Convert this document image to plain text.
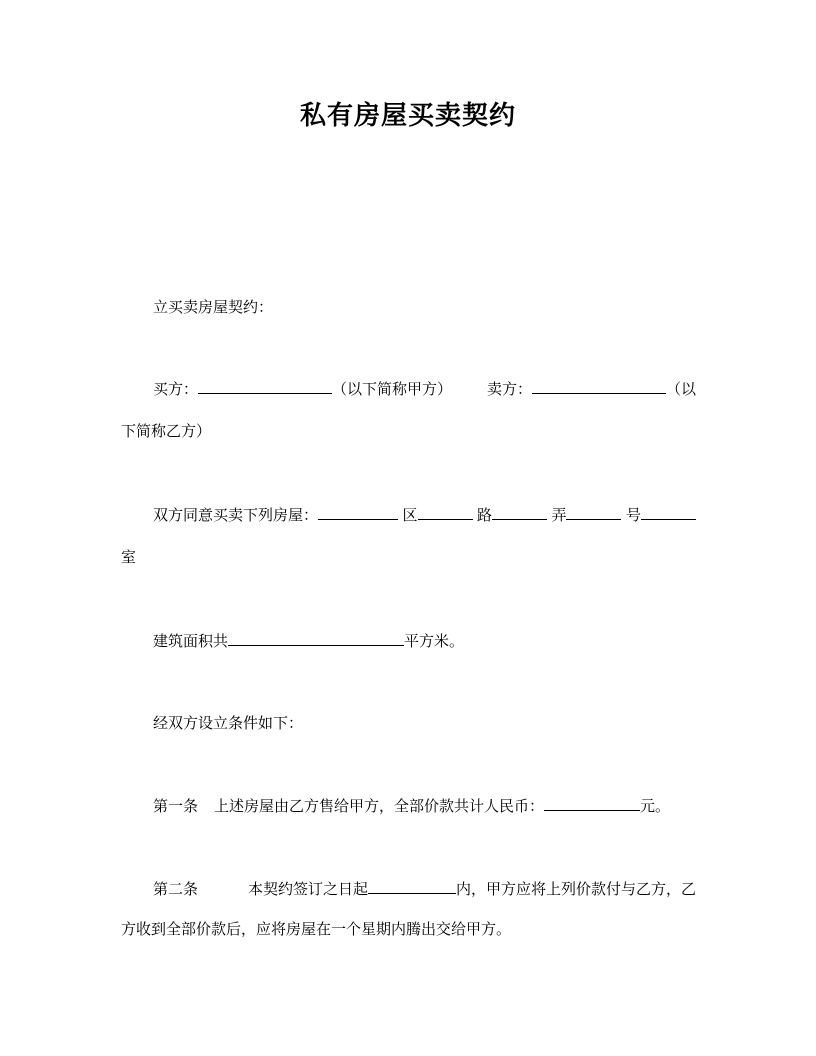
私有房屋买卖契约
立买卖房屋契约：
买方：	（以下简称甲方） 卖方：	（以
下简称乙方）
双方同意买卖下列房屋：	区	路	弄	号
室
建筑面积共	平方米。
经双方设立条件如下：
第一条 上述房屋由乙方售给甲方，全部价款共计人民币：	元。
第二条	本契约签订之日起	内，甲方应将上列价款付与乙方，乙
方收到全部价款后，应将房屋在一个星期内腾出交给甲方。
